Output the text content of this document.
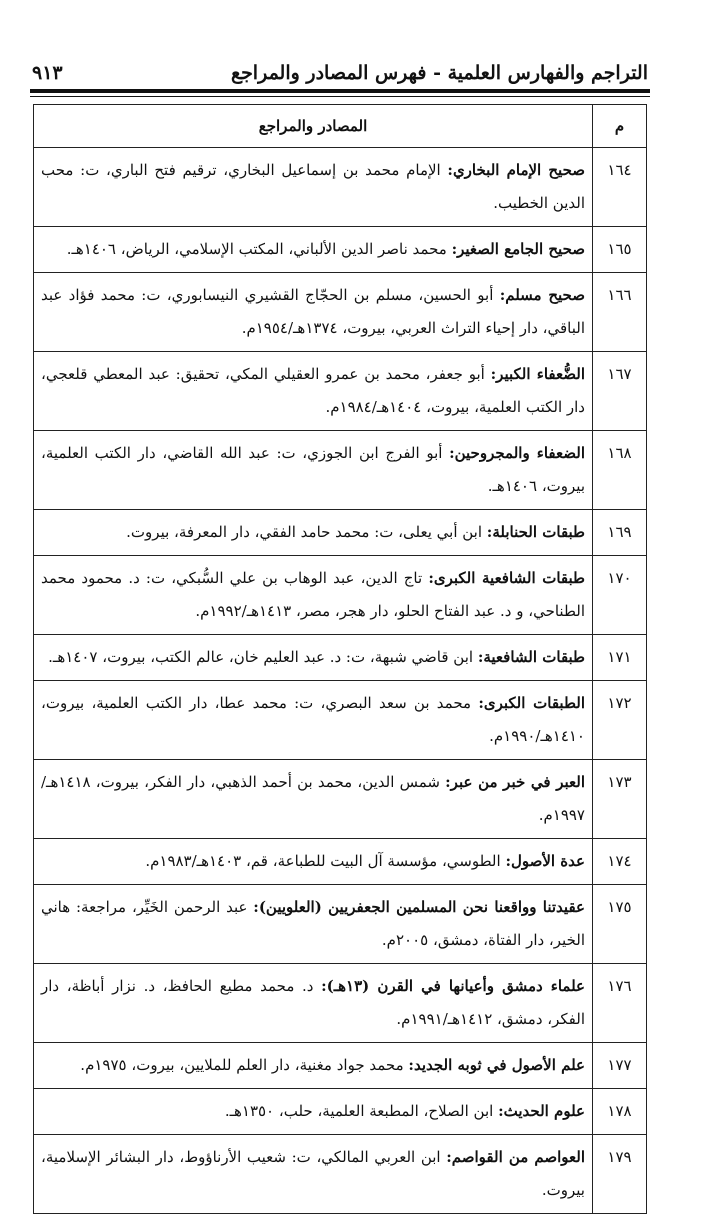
التراجم والفهارس العلمية - فهرس المصادر والمراجع
٩١٣
م	المصادر والمراجع
١٦٤	صحيح الإمام البخاري: الإمام محمد بن إسماعيل البخاري، ترقيم فتح الباري، ت: محب الدين الخطيب.
١٦٥	صحيح الجامع الصغير: محمد ناصر الدين الألباني، المكتب الإسلامي، الرياض، ١٤٠٦هـ.
١٦٦	صحيح مسلم: أبو الحسين، مسلم بن الحجّاج القشيري النيسابوري، ت: محمد فؤاد عبد الباقي، دار إحياء التراث العربي، بيروت، ١٣٧٤هـ/١٩٥٤م.
١٦٧	الضُّعفاء الكبير: أبو جعفر، محمد بن عمرو العقيلي المكي، تحقيق: عبد المعطي قلعجي، دار الكتب العلمية، بيروت، ١٤٠٤هـ/١٩٨٤م.
١٦٨	الضعفاء والمجروحين: أبو الفرج ابن الجوزي، ت: عبد الله القاضي، دار الكتب العلمية، بيروت، ١٤٠٦هـ.
١٦٩	طبقات الحنابلة: ابن أبي يعلى، ت: محمد حامد الفقي، دار المعرفة، بيروت.
١٧٠	طبقات الشافعية الكبرى: تاج الدين، عبد الوهاب بن علي السُّبكي، ت: د. محمود محمد الطناحي، و د. عبد الفتاح الحلو، دار هجر، مصر، ١٤١٣هـ/١٩٩٢م.
١٧١	طبقات الشافعية: ابن قاضي شبهة، ت: د. عبد العليم خان، عالم الكتب، بيروت، ١٤٠٧هـ.
١٧٢	الطبقات الكبرى: محمد بن سعد البصري، ت: محمد عطا، دار الكتب العلمية، بيروت، ١٤١٠هـ/١٩٩٠م.
١٧٣	العبر في خبر من عبر: شمس الدين، محمد بن أحمد الذهبي، دار الفكر، بيروت، ١٤١٨هـ/١٩٩٧م.
١٧٤	عدة الأصول: الطوسي، مؤسسة آل البيت للطباعة، قم، ١٤٠٣هـ/١٩٨٣م.
١٧٥	عقيدتنا وواقعنا نحن المسلمين الجعفريين (العلويين): عبد الرحمن الخَيِّر، مراجعة: هاني الخير، دار الفتاة، دمشق، ٢٠٠٥م.
١٧٦	علماء دمشق وأعيانها في القرن (١٣هـ): د. محمد مطيع الحافظ، د. نزار أباظة، دار الفكر، دمشق، ١٤١٢هـ/١٩٩١م.
١٧٧	علم الأصول في ثوبه الجديد: محمد جواد مغنية، دار العلم للملايين، بيروت، ١٩٧٥م.
١٧٨	علوم الحديث: ابن الصلاح، المطبعة العلمية، حلب، ١٣٥٠هـ.
١٧٩	العواصم من القواصم: ابن العربي المالكي، ت: شعيب الأرناؤوط، دار البشائر الإسلامية، بيروت.
